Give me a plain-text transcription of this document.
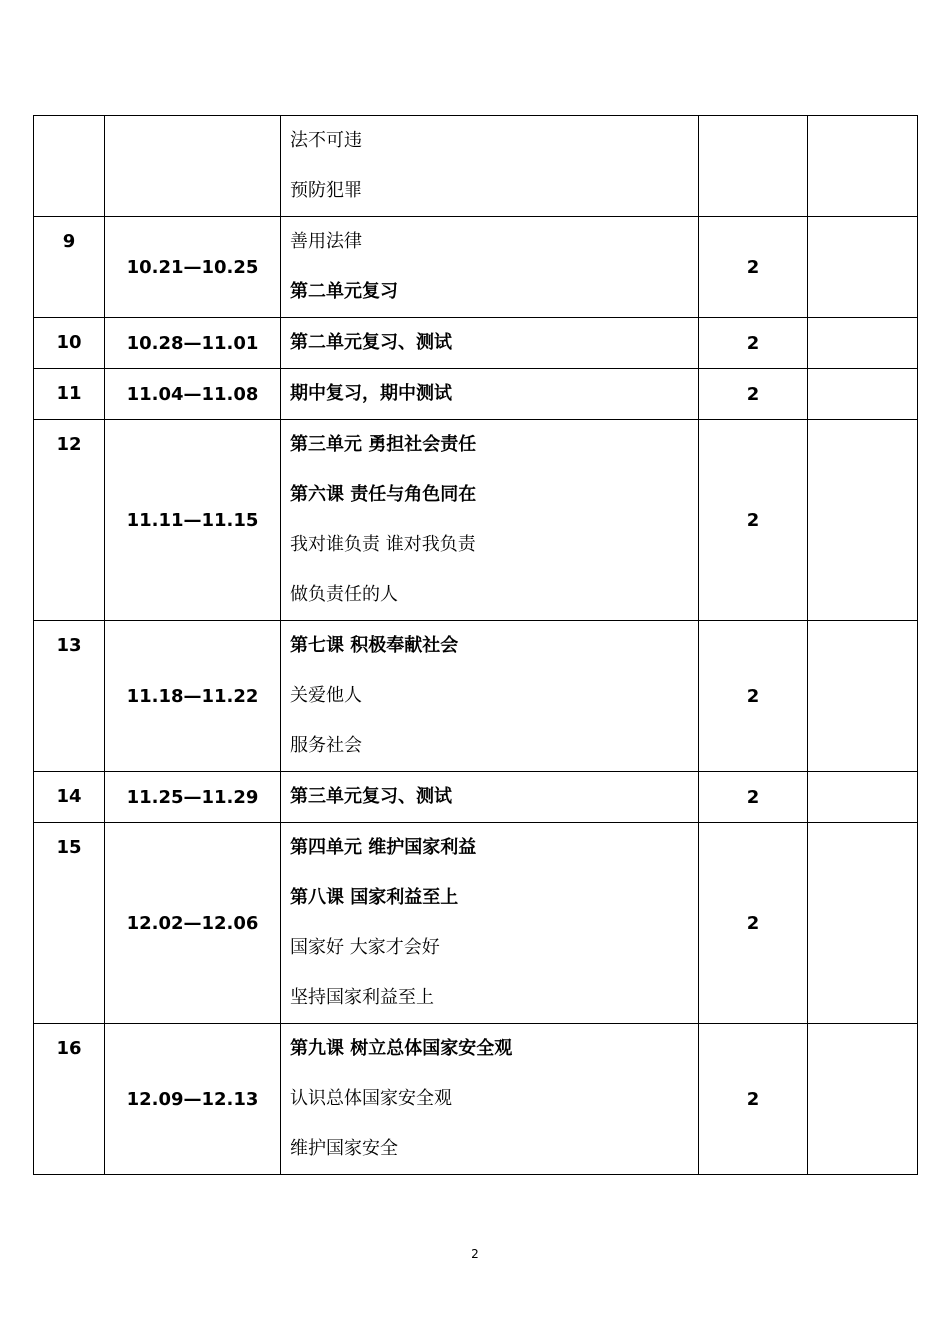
		法不可违
预防犯罪		

9	10.21—10.25	善用法律
第二单元复习	2	
10	10.28—11.01	第二单元复习、测试	2	
11	11.04—11.08	期中复习，期中测试	2	
12	11.11—11.15	第三单元 勇担社会责任
第六课 责任与角色同在
我对谁负责 谁对我负责
做负责任的人	2	
13	11.18—11.22	第七课 积极奉献社会
关爱他人
服务社会	2	
14	11.25—11.29	第三单元复习、测试	2	
15	12.02—12.06	第四单元 维护国家利益
第八课 国家利益至上
国家好 大家才会好
坚持国家利益至上	2	
16	12.09—12.13	第九课 树立总体国家安全观
认识总体国家安全观
维护国家安全	2	
2
